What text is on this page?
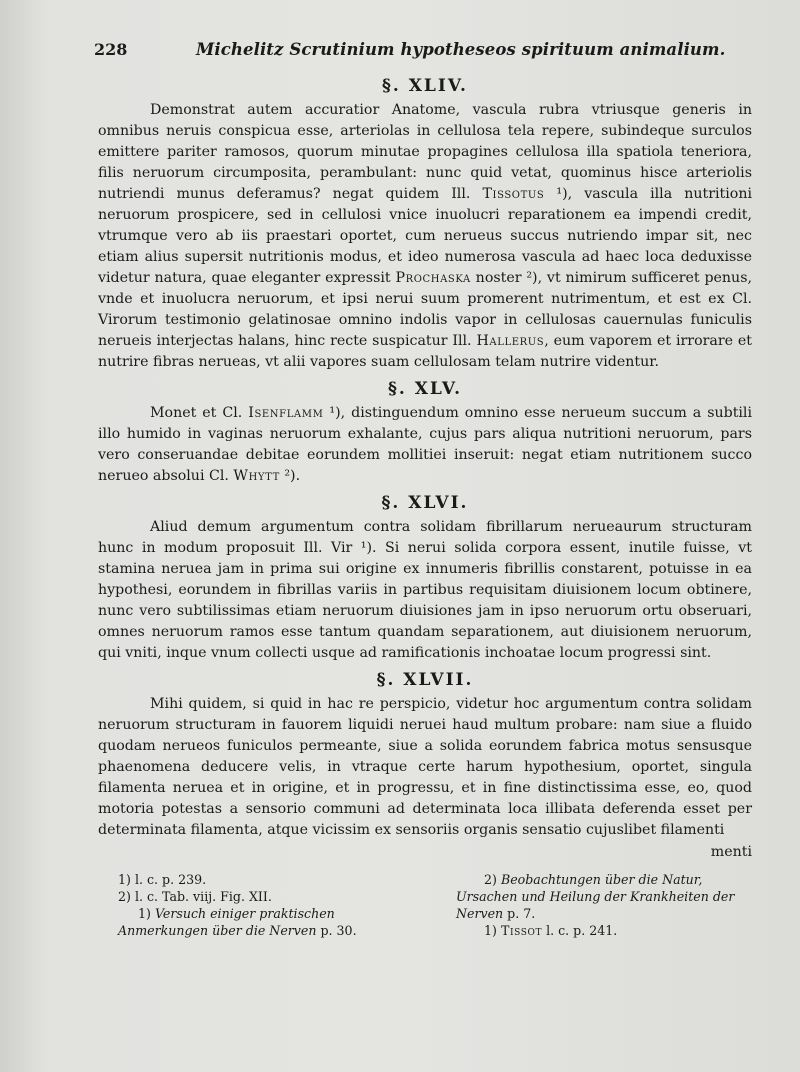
228	Michelitz Scrutinium hypotheseos spirituum animalium.
§. XLIV.

Demonstrat autem accuratior Anatome, vascula rubra vtriusque generis in omnibus neruis conspicua esse, arteriolas in cellulosa tela repere, subindeque surculos emittere pariter ramosos, quorum minutae propagines cellulosa illa spatiola teneriora, filis neruorum circumposita, perambulant: nunc quid vetat, quominus hisce arteriolis nutriendi munus deferamus? negat quidem Ill. Tissotus ¹), vascula illa nutritioni neruorum prospicere, sed in cellulosi vnice inuolucri reparationem ea impendi credit, vtrumque vero ab iis praestari oportet, cum nerueus succus nutriendo impar sit, nec etiam alius supersit nutritionis modus, et ideo numerosa vascula ad haec loca deduxisse videtur natura, quae eleganter expressit Prochaska noster ²), vt nimirum sufficeret penus, vnde et inuolucra neruorum, et ipsi nerui suum promerent nutrimentum, et est ex Cl. Virorum testimonio gelatinosae omnino indolis vapor in cellulosas cauernulas funiculis nerueis interjectas halans, hinc recte suspicatur Ill. Hallerus, eum vaporem et irrorare et nutrire fibras nerueas, vt alii vapores suam cellulosam telam nutrire videntur.

§. XLV.

Monet et Cl. Isenflamm ¹), distinguendum omnino esse nerueum succum a subtili illo humido in vaginas neruorum exhalante, cujus pars aliqua nutritioni neruorum, pars vero conseruandae debitae eorundem mollitiei inseruit: negat etiam nutritionem succo nerueo absolui Cl. Whytt ²).

§. XLVI.

Aliud demum argumentum contra solidam fibrillarum nerueaurum structuram hunc in modum proposuit Ill. Vir ¹). Si nerui solida corpora essent, inutile fuisse, vt stamina nerueа jam in prima sui origine ex innumeris fibrillis constarent, potuisse in ea hypothesi, eorundem in fibrillas variis in partibus requisitam diuisionem locum obtinere, nunc vero subtilissimas etiam neruorum diuisiones jam in ipso neruorum ortu obseruari, omnes neruorum ramos esse tantum quandam separationem, aut diuisionem neruorum, qui vniti, inque vnum collecti usque ad ramificationis inchoatae locum progressi sint.

§. XLVII.

Mihi quidem, si quid in hac re perspicio, videtur hoc argumentum contra solidam neruorum structuram in fauorem liquidi neruei haud multum probare: nam siue a fluido quodam nerueos funiculos permeante, siue a solida eorundem fabrica motus sensusque phaenomena deducere velis, in vtraque certe harum hypothesium, oportet, singula filamenta nerueа et in origine, et in progressu, et in fine distinctissima esse, eo, quod motoria potestas a sensorio communi ad determinata loca illibata deferenda esset per determinata filamenta, atque vicissim ex sensoriis organis sensatio cujuslibet filamenti

menti

1) l. c. p. 239.

2) l. c. Tab. viij. Fig. XII.

1) Versuch einiger praktischen Anmerkungen über die Nerven p. 30.

2) Beobachtungen über die Natur, Ursachen und Heilung der Krankheiten der Nerven p. 7.

1) Tissot l. c. p. 241.
